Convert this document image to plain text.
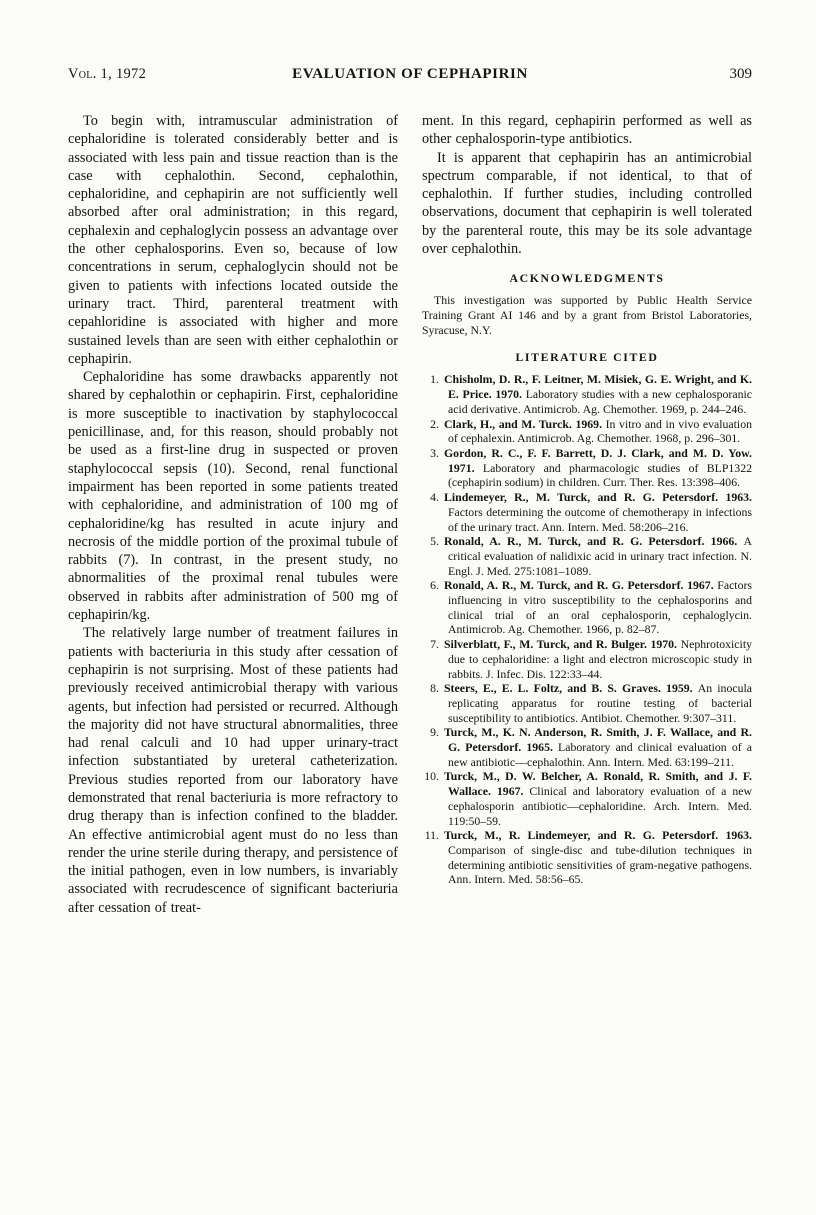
Vol. 1, 1972	EVALUATION OF CEPHAPIRIN	309

To begin with, intramuscular administration of cephaloridine is tolerated considerably better and is associated with less pain and tissue reaction than is the case with cephalothin. Second, cephalothin, cephaloridine, and cephapirin are not sufficiently well absorbed after oral administration; in this regard, cephalexin and cephaloglycin possess an advantage over the other cephalosporins. Even so, because of low concentrations in serum, cephaloglycin should not be given to patients with infections located outside the urinary tract. Third, parenteral treatment with cepahloridine is associated with higher and more sustained levels than are seen with either cephalothin or cephapirin.

Cephaloridine has some drawbacks apparently not shared by cephalothin or cephapirin. First, cephaloridine is more susceptible to inactivation by staphylococcal penicillinase, and, for this reason, should probably not be used as a first-line drug in suspected or proven staphylococcal sepsis (10). Second, renal functional impairment has been reported in some patients treated with cephaloridine, and administration of 100 mg of cephaloridine/kg has resulted in acute injury and necrosis of the middle portion of the proximal tubule of rabbits (7). In contrast, in the present study, no abnormalities of the proximal renal tubules were observed in rabbits after administration of 500 mg of cephapirin/kg.

The relatively large number of treatment failures in patients with bacteriuria in this study after cessation of cephapirin is not surprising. Most of these patients had previously received antimicrobial therapy with various agents, but infection had persisted or recurred. Although the majority did not have structural abnormalities, three had renal calculi and 10 had upper urinary-tract infection substantiated by ureteral catheterization. Previous studies reported from our laboratory have demonstrated that renal bacteriuria is more refractory to drug therapy than is infection confined to the bladder. An effective antimicrobial agent must do no less than render the urine sterile during therapy, and persistence of the initial pathogen, even in low numbers, is invariably associated with recrudescence of significant bacteriuria after cessation of treat-

ment. In this regard, cephapirin performed as well as other cephalosporin-type antibiotics.

It is apparent that cephapirin has an antimicrobial spectrum comparable, if not identical, to that of cephalothin. If further studies, including controlled observations, document that cephapirin is well tolerated by the parenteral route, this may be its sole advantage over cephalothin.

ACKNOWLEDGMENTS

This investigation was supported by Public Health Service Training Grant AI 146 and by a grant from Bristol Laboratories, Syracuse, N.Y.

LITERATURE CITED
1. Chisholm, D. R., F. Leitner, M. Misiek, G. E. Wright, and K. E. Price. 1970. Laboratory studies with a new cephalosporanic acid derivative. Antimicrob. Ag. Chemother. 1969, p. 244–246.
2. Clark, H., and M. Turck. 1969. In vitro and in vivo evaluation of cephalexin. Antimicrob. Ag. Chemother. 1968, p. 296–301.
3. Gordon, R. C., F. F. Barrett, D. J. Clark, and M. D. Yow. 1971. Laboratory and pharmacologic studies of BLP1322 (cephapirin sodium) in children. Curr. Ther. Res. 13:398–406.
4. Lindemeyer, R., M. Turck, and R. G. Petersdorf. 1963. Factors determining the outcome of chemotherapy in infections of the urinary tract. Ann. Intern. Med. 58:206–216.
5. Ronald, A. R., M. Turck, and R. G. Petersdorf. 1966. A critical evaluation of nalidixic acid in urinary tract infection. N. Engl. J. Med. 275:1081–1089.
6. Ronald, A. R., M. Turck, and R. G. Petersdorf. 1967. Factors influencing in vitro susceptibility to the cephalosporins and clinical trial of an oral cephalosporin, cephaloglycin. Antimicrob. Ag. Chemother. 1966, p. 82–87.
7. Silverblatt, F., M. Turck, and R. Bulger. 1970. Nephrotoxicity due to cephaloridine: a light and electron microscopic study in rabbits. J. Infec. Dis. 122:33–44.
8. Steers, E., E. L. Foltz, and B. S. Graves. 1959. An inocula replicating apparatus for routine testing of bacterial susceptibility to antibiotics. Antibiot. Chemother. 9:307–311.
9. Turck, M., K. N. Anderson, R. Smith, J. F. Wallace, and R. G. Petersdorf. 1965. Laboratory and clinical evaluation of a new antibiotic—cephalothin. Ann. Intern. Med. 63:199–211.
10. Turck, M., D. W. Belcher, A. Ronald, R. Smith, and J. F. Wallace. 1967. Clinical and laboratory evaluation of a new cephalosporin antibiotic—cephaloridine. Arch. Intern. Med. 119:50–59.
11. Turck, M., R. Lindemeyer, and R. G. Petersdorf. 1963. Comparison of single-disc and tube-dilution techniques in determining antibiotic sensitivities of gram-negative pathogens. Ann. Intern. Med. 58:56–65.
